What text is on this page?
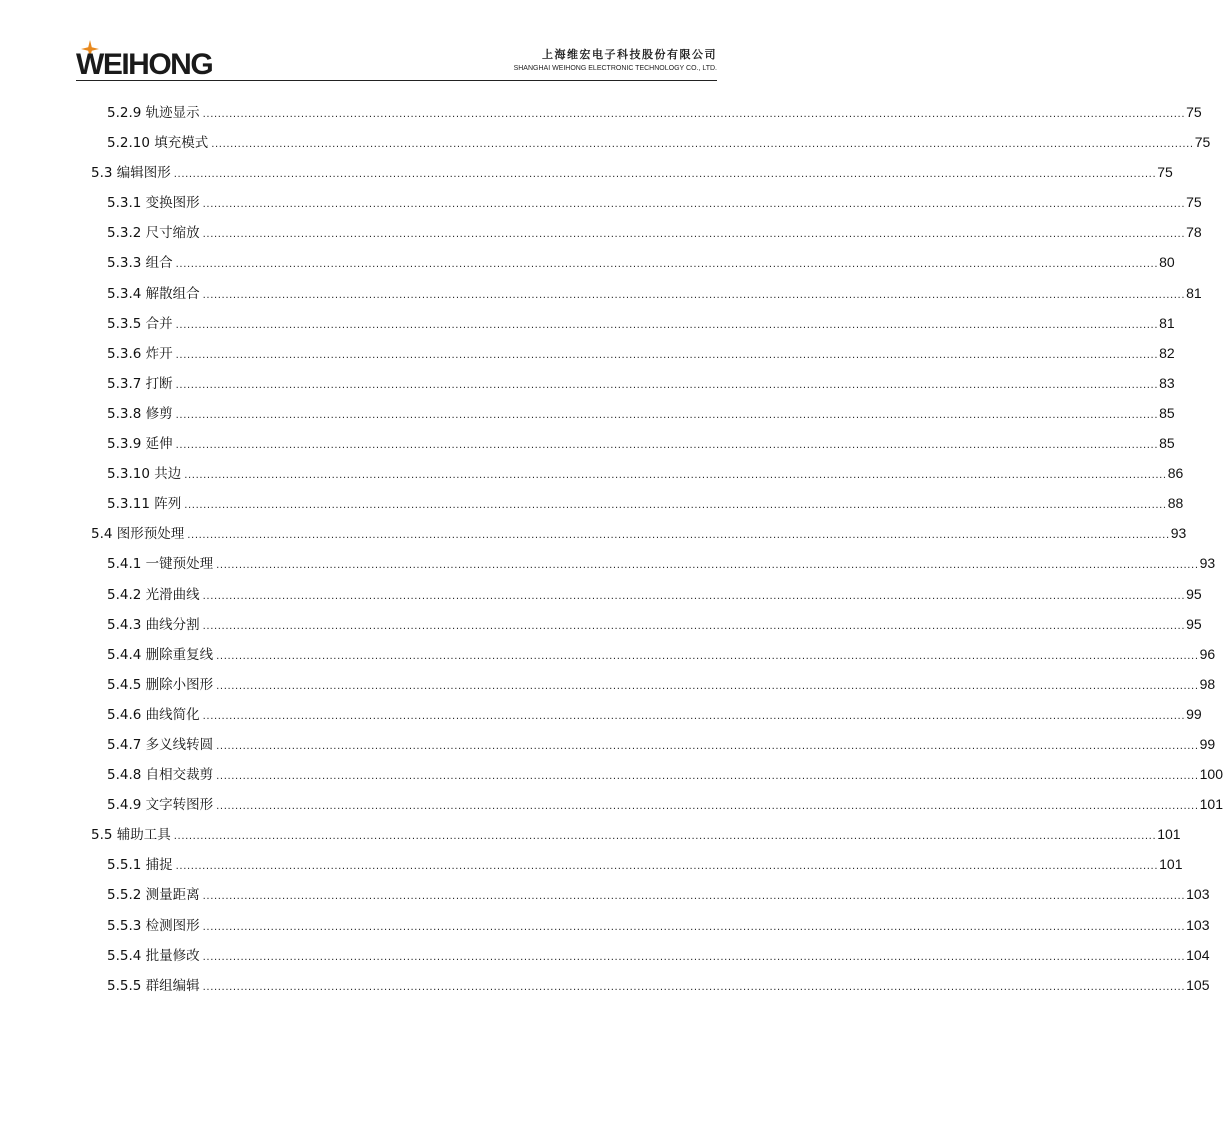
WEIHONG	上海维宏电子科技股份有限公司
SHANGHAI WEIHONG ELECTRONIC TECHNOLOGY CO., LTD.
5.2.9 轨迹显示 .................................................................................................................................................................................................................................................................... 75
5.2.10 填充模式 .................................................................................................................................................................................................................................................................... 75
5.3 编辑图形 .................................................................................................................................................................................................................................................................... 75
5.3.1 变换图形 .................................................................................................................................................................................................................................................................... 75
5.3.2 尺寸缩放 .................................................................................................................................................................................................................................................................... 78
5.3.3 组合 .................................................................................................................................................................................................................................................................... 80
5.3.4 解散组合 .................................................................................................................................................................................................................................................................... 81
5.3.5 合并 .................................................................................................................................................................................................................................................................... 81
5.3.6 炸开 .................................................................................................................................................................................................................................................................... 82
5.3.7 打断 .................................................................................................................................................................................................................................................................... 83
5.3.8 修剪 .................................................................................................................................................................................................................................................................... 85
5.3.9 延伸 .................................................................................................................................................................................................................................................................... 85
5.3.10 共边 .................................................................................................................................................................................................................................................................... 86
5.3.11 阵列 .................................................................................................................................................................................................................................................................... 88
5.4 图形预处理 .................................................................................................................................................................................................................................................................... 93
5.4.1 一键预处理 .................................................................................................................................................................................................................................................................... 93
5.4.2 光滑曲线 .................................................................................................................................................................................................................................................................... 95
5.4.3 曲线分割 .................................................................................................................................................................................................................................................................... 95
5.4.4 删除重复线 .................................................................................................................................................................................................................................................................... 96
5.4.5 删除小图形 .................................................................................................................................................................................................................................................................... 98
5.4.6 曲线简化 .................................................................................................................................................................................................................................................................... 99
5.4.7 多义线转圆 .................................................................................................................................................................................................................................................................... 99
5.4.8 自相交裁剪 .................................................................................................................................................................................................................................................................... 100
5.4.9 文字转图形 .................................................................................................................................................................................................................................................................... 101
5.5 辅助工具 .................................................................................................................................................................................................................................................................... 101
5.5.1 捕捉 .................................................................................................................................................................................................................................................................... 101
5.5.2 测量距离 .................................................................................................................................................................................................................................................................... 103
5.5.3 检测图形 .................................................................................................................................................................................................................................................................... 103
5.5.4 批量修改 .................................................................................................................................................................................................................................................................... 104
5.5.5 群组编辑 .................................................................................................................................................................................................................................................................... 105
